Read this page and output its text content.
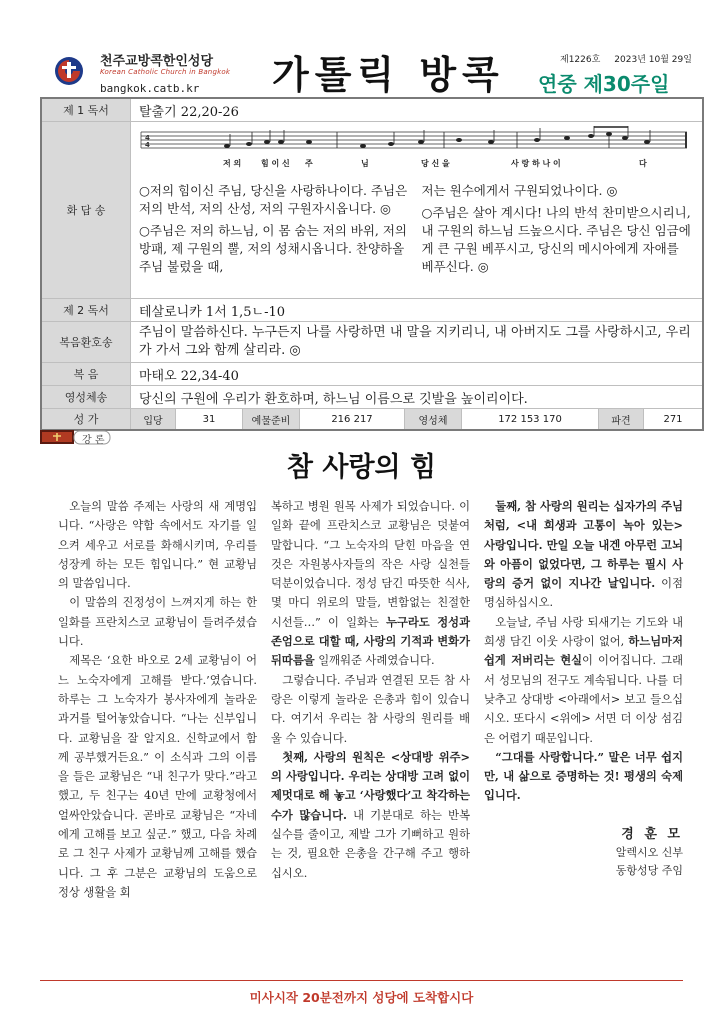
천주교방콕한인성당
Korean Catholic Church in Bangkok
bangkok.catb.kr 가톨릭 방콕	제1226호 2023년 10월 29일
연중 제30주일
제 1 독서	탈출기 22,20-26
화 답 송
4
4
저 의 힘 이 신 주	님	당 신 을	사 랑 하 나 이	다

○저의 힘이신 주님, 당신을 사랑하나이다. 주님은 저의 반석, 저의 산성, 저의 구원자시옵니다. ◎

○주님은 저의 하느님, 이 몸 숨는 저의 바위, 저의 방패, 제 구원의 뿔, 저의 성채시옵니다. 찬양하올 주님 불렀을 때,

저는 원수에게서 구원되었나이다. ◎

○주님은 살아 계시다! 나의 반석 찬미받으시리니, 내 구원의 하느님 드높으시다. 주님은 당신 임금에게 큰 구원 베푸시고, 당신의 메시아에게 자애를 베푸신다. ◎

제 2 독서	테살로니카 1서 1,5ㄴ-10
복음환호송
주님이 말씀하신다. 누구든지 나를 사랑하면 내 말을 지키리니, 내 아버지도 그를 사랑하시고, 우리가 가서 그와 함께 살리라. ◎
복 음	마태오 22,34-40
영성체송	당신의 구원에 우리가 환호하며, 하느님 이름으로 깃발을 높이리이다.
성 가	입당	31	예물준비	216 217	영성체	172 153 170	파견	271
강 론
참 사랑의 힘

오늘의 말씀 주제는 사랑의 새 계명입니다. “사랑은 약함 속에서도 자기를 일으켜 세우고 서로를 화해시키며, 우리를 성장케 하는 모든 힘입니다.” 현 교황님의 말씀입니다.

이 말씀의 진정성이 느껴지게 하는 한 일화를 프란치스코 교황님이 들려주셨습니다.

제목은 ‘요한 바오로 2세 교황님이 어느 노숙자에게 고해를 받다.’였습니다. 하루는 그 노숙자가 봉사자에게 놀라운 과거를 털어놓았습니다. “나는 신부입니다. 교황님을 잘 알지요. 신학교에서 함께 공부했거든요.” 이 소식과 그의 이름을 들은 교황님은 “내 친구가 맞다.”라고 했고, 두 친구는 40년 만에 교황청에서 얼싸안았습니다. 곧바로 교황님은 “자네에게 고해를 보고 싶군.” 했고, 다음 차례로 그 친구 사제가 교황님께 고해를 했습니다. 그 후 그분은 교황님의 도움으로 정상 생활을 회

복하고 병원 원목 사제가 되었습니다. 이 일화 끝에 프란치스코 교황님은 덧붙여 말합니다. “그 노숙자의 닫힌 마음을 연 것은 자원봉사자들의 작은 사랑 실천들 덕분이었습니다. 정성 담긴 따뜻한 식사, 몇 마디 위로의 말들, 변함없는 친절한 시선들…” 이 일화는 누구라도 정성과 존엄으로 대할 때, 사랑의 기적과 변화가 뒤따름을 일깨워준 사례였습니다.

그렇습니다. 주님과 연결된 모든 참 사랑은 이렇게 놀라운 은총과 힘이 있습니다. 여기서 우리는 참 사랑의 원리를 배울 수 있습니다.

첫째, 사랑의 원칙은 <상대방 위주>의 사랑입니다. 우리는 상대방 고려 없이 제멋대로 해 놓고 ‘사랑했다’고 착각하는 수가 많습니다. 내 기분대로 하는 반복 실수를 줄이고, 제발 그가 기뻐하고 원하는 것, 필요한 은총을 간구해 주고 행하십시오.

둘째, 참 사랑의 원리는 십자가의 주님처럼, <내 희생과 고통이 녹아 있는> 사랑입니다. 만일 오늘 내겐 아무런 고뇌와 아픔이 없었다면, 그 하루는 필시 사랑의 증거 없이 지나간 날입니다. 이점 명심하십시오.

오늘날, 주님 사랑 되새기는 기도와 내 희생 담긴 이웃 사랑이 없어, 하느님마저 쉽게 저버리는 현실이 이어집니다. 그래서 성모님의 전구도 계속됩니다. 나를 더 낮추고 상대방 <아래에서> 보고 들으십시오. 또다시 <위에> 서면 더 이상 섬김은 어렵기 때문입니다.

“그대를 사랑합니다.” 말은 너무 쉽지만, 내 삶으로 증명하는 것! 평생의 숙제입니다.

경 훈 모
알렉시오 신부
동항성당 주임
미사시작 20분전까지 성당에 도착합시다
